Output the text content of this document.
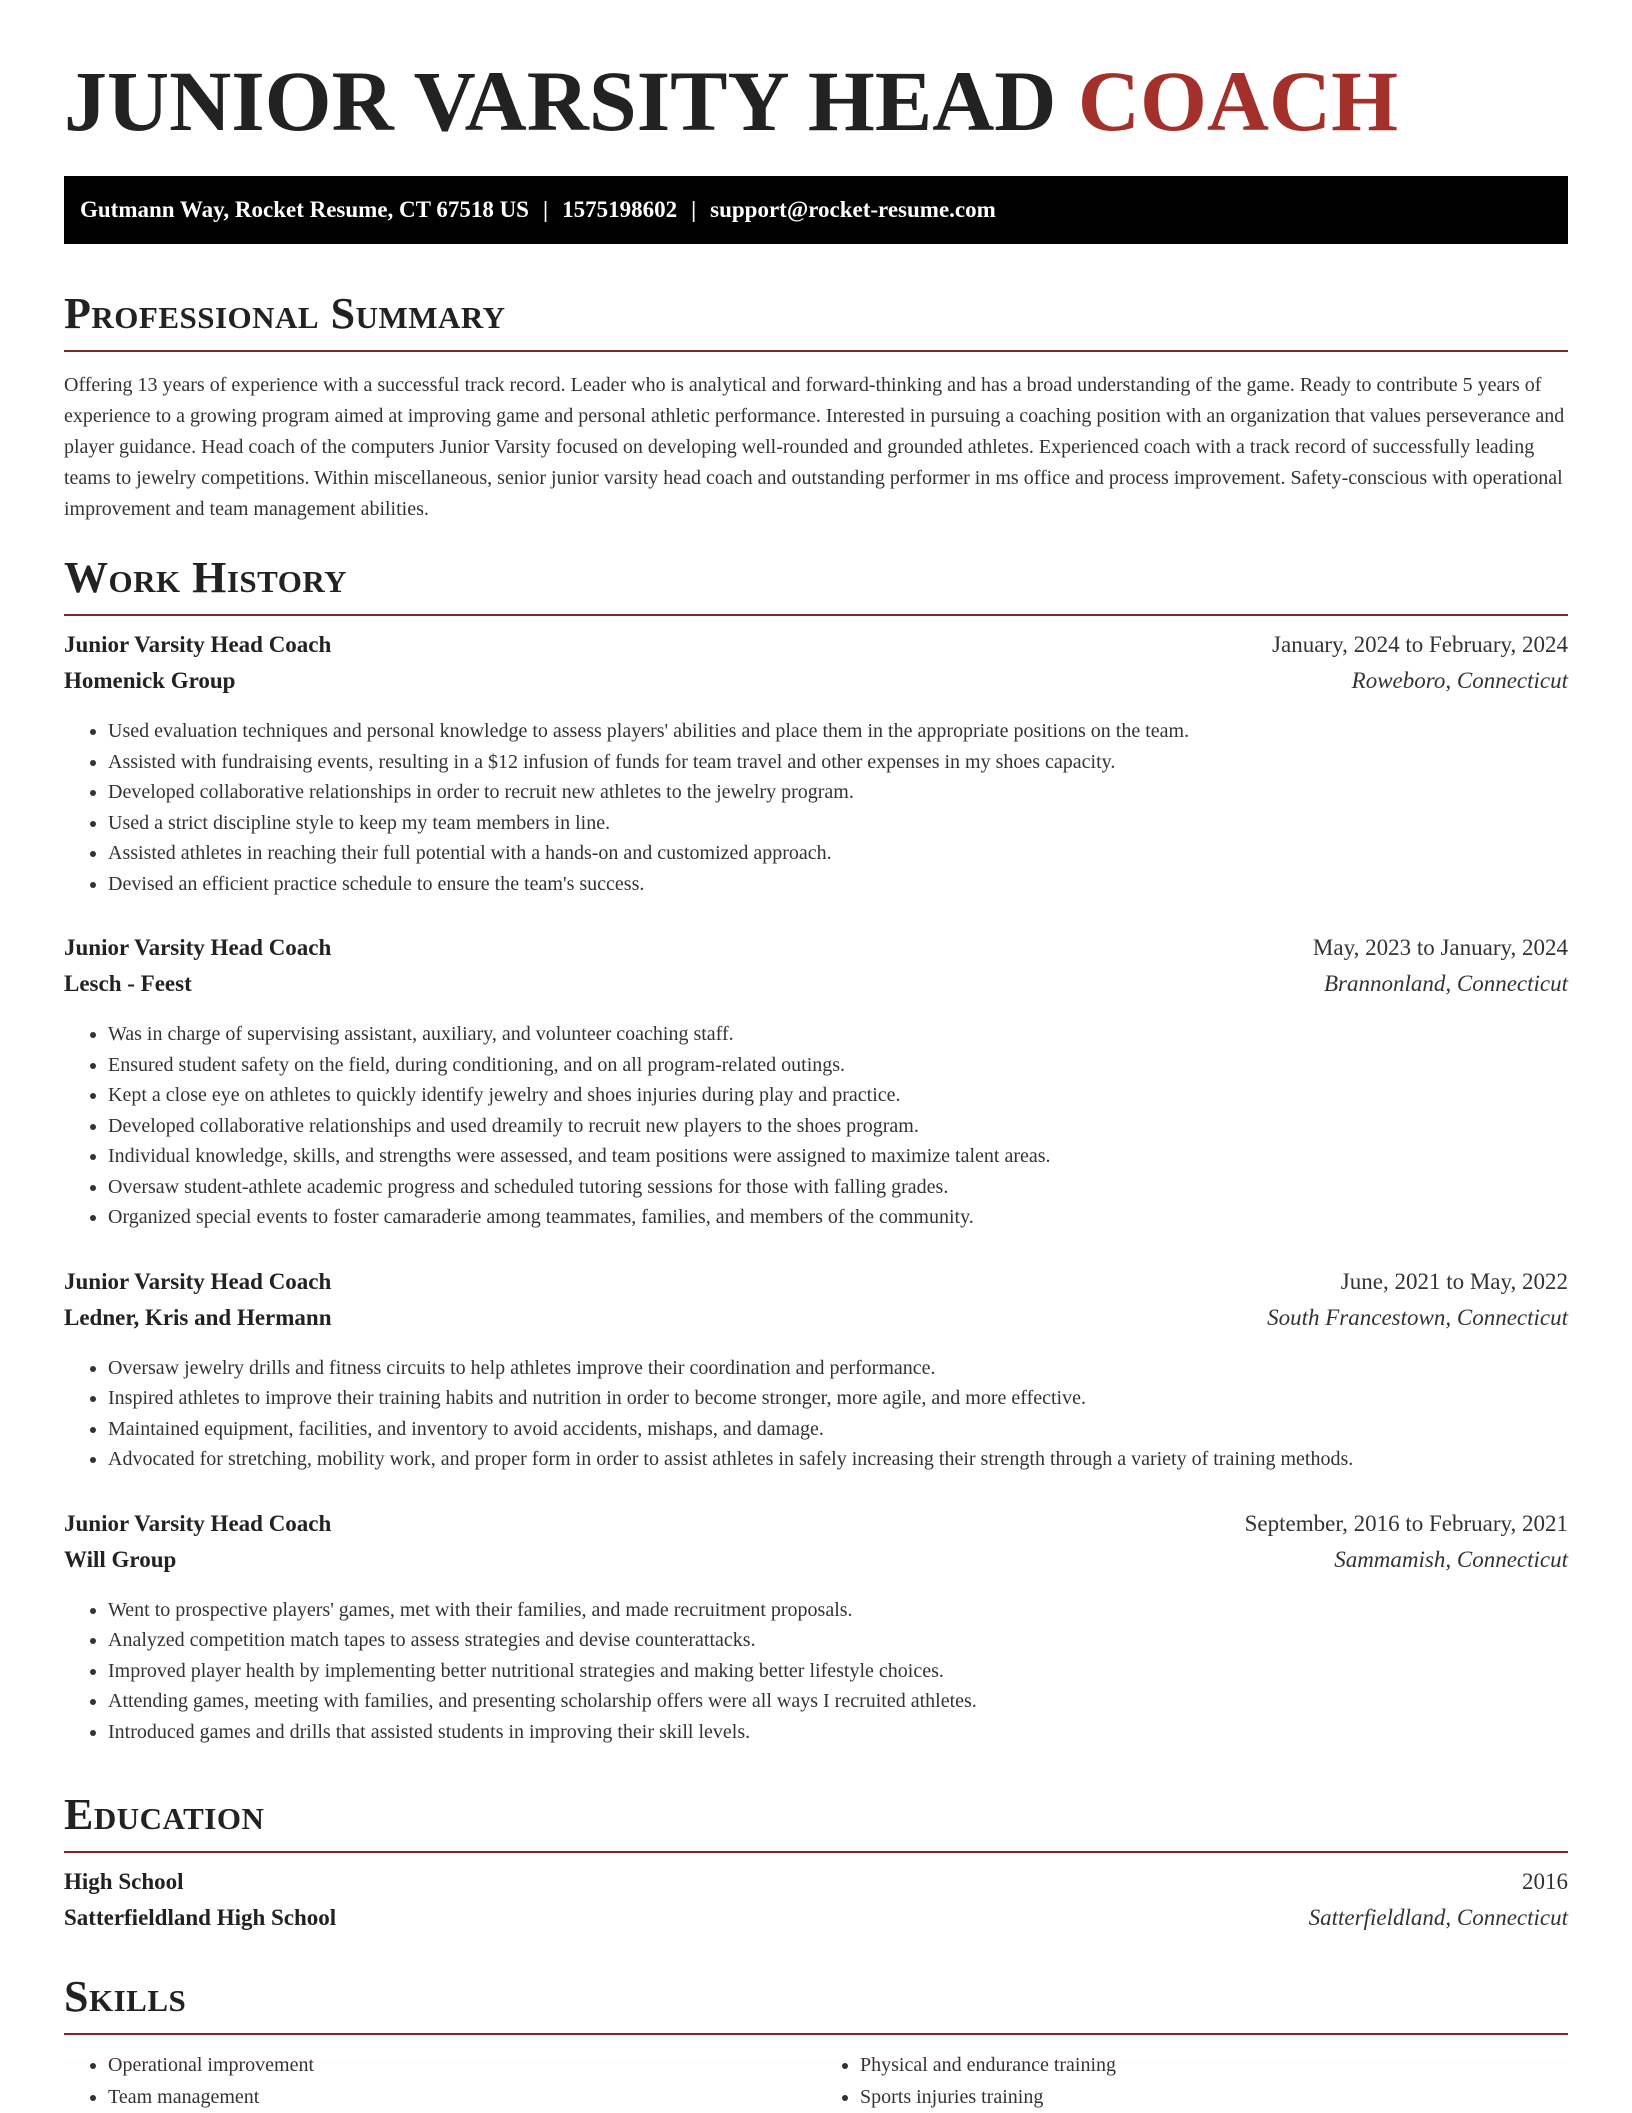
JUNIOR VARSITY HEAD COACH
Gutmann Way, Rocket Resume, CT 67518 US | 1575198602 | support@rocket-resume.com
Professional Summary

Offering 13 years of experience with a successful track record. Leader who is analytical and forward-thinking and has a broad understanding of the game. Ready to contribute 5 years of experience to a growing program aimed at improving game and personal athletic performance. Interested in pursuing a coaching position with an organization that values perseverance and player guidance. Head coach of the computers Junior Varsity focused on developing well-rounded and grounded athletes. Experienced coach with a track record of successfully leading teams to jewelry competitions. Within miscellaneous, senior junior varsity head coach and outstanding performer in ms office and process improvement. Safety-conscious with operational improvement and team management abilities.

Work History
Junior Varsity Head Coach	January, 2024 to February, 2024
Homenick Group	Roweboro, Connecticut
• Used evaluation techniques and personal knowledge to assess players' abilities and place them in the appropriate positions on the team.
• Assisted with fundraising events, resulting in a $12 infusion of funds for team travel and other expenses in my shoes capacity.
• Developed collaborative relationships in order to recruit new athletes to the jewelry program.
• Used a strict discipline style to keep my team members in line.
• Assisted athletes in reaching their full potential with a hands-on and customized approach.
• Devised an efficient practice schedule to ensure the team's success.
Junior Varsity Head Coach	May, 2023 to January, 2024
Lesch - Feest	Brannonland, Connecticut
• Was in charge of supervising assistant, auxiliary, and volunteer coaching staff.
• Ensured student safety on the field, during conditioning, and on all program-related outings.
• Kept a close eye on athletes to quickly identify jewelry and shoes injuries during play and practice.
• Developed collaborative relationships and used dreamily to recruit new players to the shoes program.
• Individual knowledge, skills, and strengths were assessed, and team positions were assigned to maximize talent areas.
• Oversaw student-athlete academic progress and scheduled tutoring sessions for those with falling grades.
• Organized special events to foster camaraderie among teammates, families, and members of the community.
Junior Varsity Head Coach	June, 2021 to May, 2022
Ledner, Kris and Hermann	South Francestown, Connecticut
• Oversaw jewelry drills and fitness circuits to help athletes improve their coordination and performance.
• Inspired athletes to improve their training habits and nutrition in order to become stronger, more agile, and more effective.
• Maintained equipment, facilities, and inventory to avoid accidents, mishaps, and damage.
• Advocated for stretching, mobility work, and proper form in order to assist athletes in safely increasing their strength through a variety of training methods.
Junior Varsity Head Coach	September, 2016 to February, 2021
Will Group	Sammamish, Connecticut
• Went to prospective players' games, met with their families, and made recruitment proposals.
• Analyzed competition match tapes to assess strategies and devise counterattacks.
• Improved player health by implementing better nutritional strategies and making better lifestyle choices.
• Attending games, meeting with families, and presenting scholarship offers were all ways I recruited athletes.
• Introduced games and drills that assisted students in improving their skill levels.
Education
High School	2016
Satterfieldland High School	Satterfieldland, Connecticut
Skills
• Operational improvement
• Team management
• Physical and endurance training
• Sports injuries training
